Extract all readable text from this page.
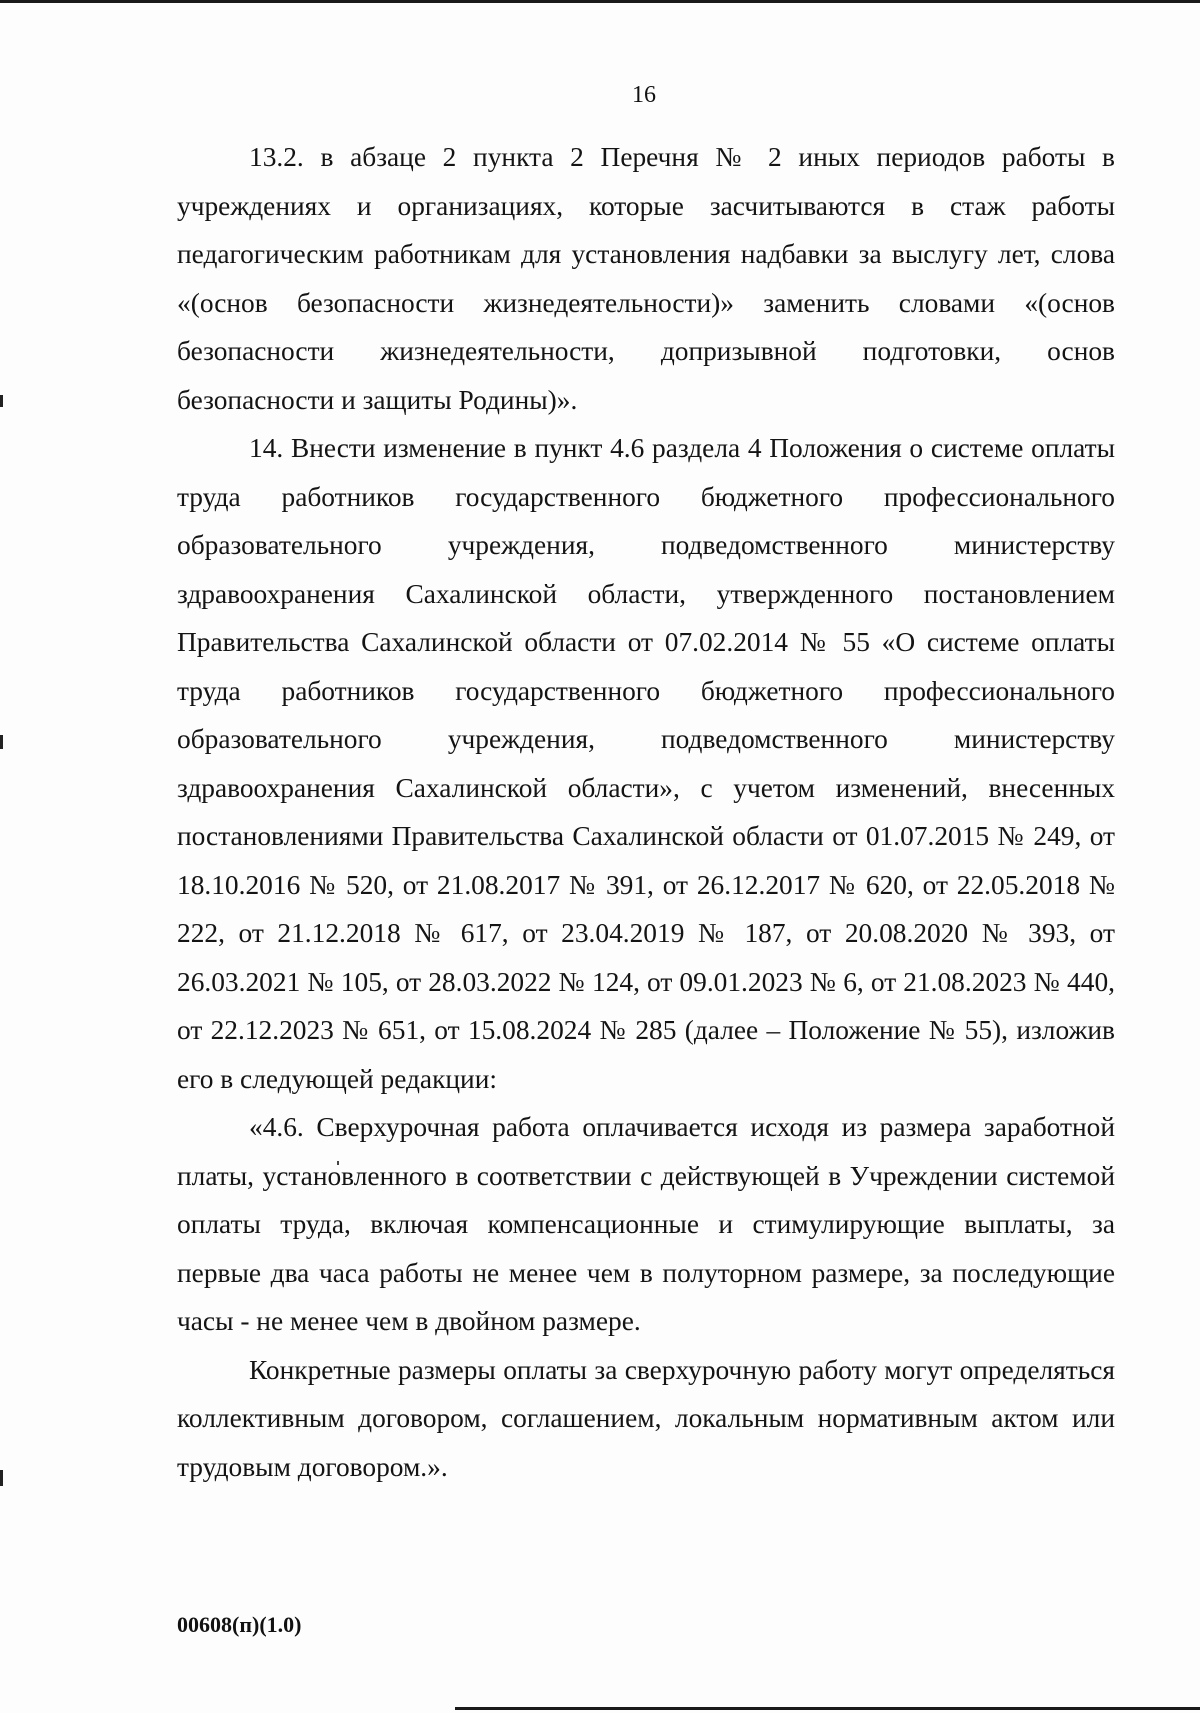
16

13.2. в абзаце 2 пункта 2 Перечня № 2 иных периодов работы в учреждениях и организациях, которые засчитываются в стаж работы педагогическим работникам для установления надбавки за выслугу лет, слова «(основ безопасности жизнедеятельности)» заменить словами «(основ безопасности жизнедеятельности, допризывной подготовки, основ безопасности и защиты Родины)».

14. Внести изменение в пункт 4.6 раздела 4 Положения о системе оплаты труда работников государственного бюджетного профессионального образовательного учреждения, подведомственного министерству здравоохранения Сахалинской области, утвержденного постановлением Правительства Сахалинской области от 07.02.2014 № 55 «О системе оплаты труда работников государственного бюджетного профессионального образовательного учреждения, подведомственного министерству здравоохранения Сахалинской области», с учетом изменений, внесенных постановлениями Правительства Сахалинской области от 01.07.2015 № 249, от 18.10.2016 № 520, от 21.08.2017 № 391, от 26.12.2017 № 620, от 22.05.2018 № 222, от 21.12.2018 № 617, от 23.04.2019 № 187, от 20.08.2020 № 393, от 26.03.2021 № 105, от 28.03.2022 № 124, от 09.01.2023 № 6, от 21.08.2023 № 440, от 22.12.2023 № 651, от 15.08.2024 № 285 (далее – Положение № 55), изложив его в следующей редакции:

«4.6. Сверхурочная работа оплачивается исходя из размера заработной платы, установленного в соответствии с действующей в Учреждении системой оплаты труда, включая компенсационные и стимулирующие выплаты, за первые два часа работы не менее чем в полуторном размере, за последующие часы - не менее чем в двойном размере.

Конкретные размеры оплаты за сверхурочную работу могут определяться коллективным договором, соглашением, локальным нормативным актом или трудовым договором.».

00608(п)(1.0)
